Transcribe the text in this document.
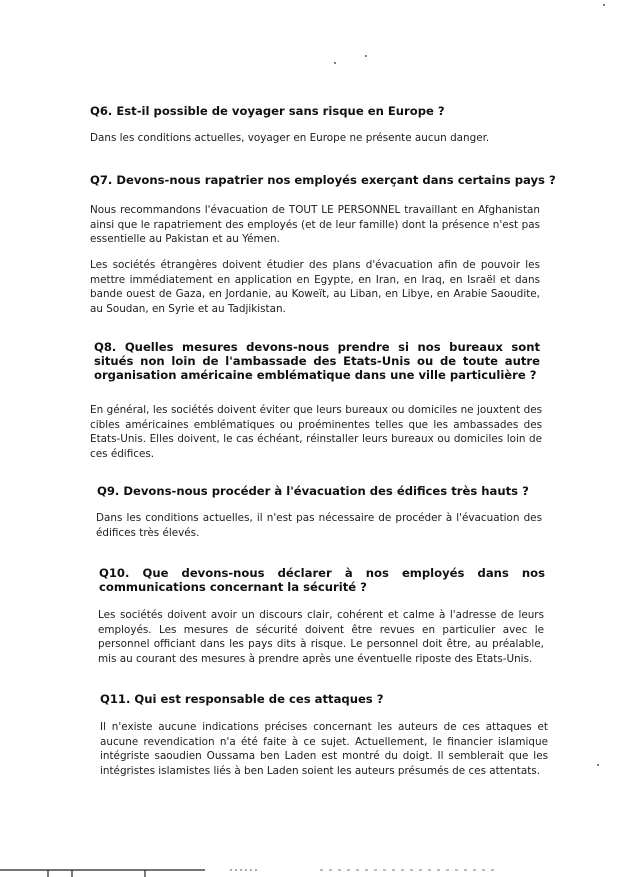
Q6. Est-il possible de voyager sans risque en Europe ?

Dans les conditions actuelles, voyager en Europe ne présente aucun danger.

Q7. Devons-nous rapatrier nos employés exerçant dans certains pays ?

Nous recommandons l'évacuation de TOUT LE PERSONNEL travaillant en Afghanistan ainsi que le rapatriement des employés (et de leur famille) dont la présence n'est pas essentielle au Pakistan et au Yémen.

Les sociétés étrangères doivent étudier des plans d'évacuation afin de pouvoir les mettre immédiatement en application en Egypte, en Iran, en Iraq, en Israël et dans bande ouest de Gaza, en Jordanie, au Koweït, au Liban, en Libye, en Arabie Saoudite, au Soudan, en Syrie et au Tadjikistan.

Q8. Quelles mesures devons-nous prendre si nos bureaux sont situés non loin de l'ambassade des Etats-Unis ou de toute autre organisation américaine emblématique dans une ville particulière ?

En général, les sociétés doivent éviter que leurs bureaux ou domiciles ne jouxtent des cibles américaines emblématiques ou proéminentes telles que les ambassades des Etats-Unis. Elles doivent, le cas échéant, réinstaller leurs bureaux ou domiciles loin de ces édifices.

Q9. Devons-nous procéder à l'évacuation des édifices très hauts ?

Dans les conditions actuelles, il n'est pas nécessaire de procéder à l'évacuation des édifices très élevés.

Q10. Que devons-nous déclarer à nos employés dans nos communications concernant la sécurité ?

Les sociétés doivent avoir un discours clair, cohérent et calme à l'adresse de leurs employés. Les mesures de sécurité doivent être revues en particulier avec le personnel officiant dans les pays dits à risque. Le personnel doit être, au préalable, mis au courant des mesures à prendre après une éventuelle riposte des Etats-Unis.

Q11. Qui est responsable de ces attaques ?

Il n'existe aucune indications précises concernant les auteurs de ces attaques et aucune revendication n'a été faite à ce sujet. Actuellement, le financier islamique intégriste saoudien Oussama ben Laden est montré du doigt. Il semblerait que les intégristes islamistes liés à ben Laden soient les auteurs présumés de ces attentats.
